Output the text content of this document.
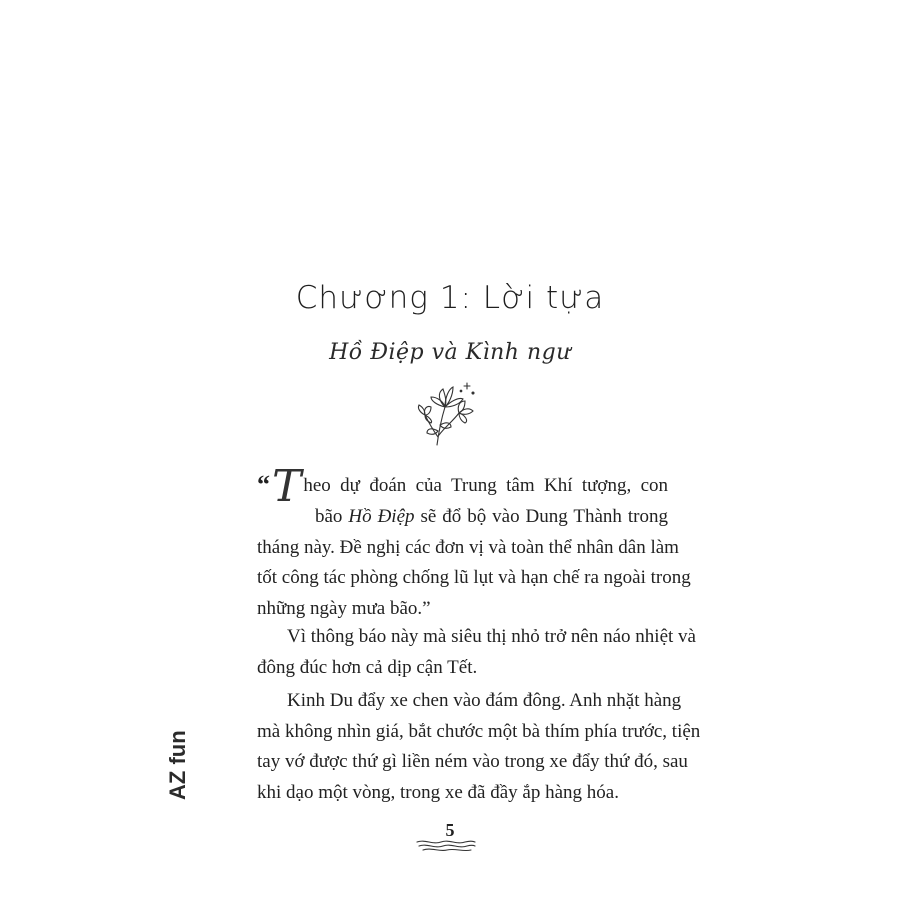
Chương 1: Lời tựa
Hồ Điệp và Kình ngư
“T heo dự đoán của Trung tâm Khí tượng, con
bão Hồ Điệp sẽ đổ bộ vào Dung Thành trong
tháng này. Đề nghị các đơn vị và toàn thể nhân dân làm
tốt công tác phòng chống lũ lụt và hạn chế ra ngoài trong
những ngày mưa bão.”
Vì thông báo này mà siêu thị nhỏ trở nên náo nhiệt và
đông đúc hơn cả dịp cận Tết.
Kinh Du đẩy xe chen vào đám đông. Anh nhặt hàng
mà không nhìn giá, bắt chước một bà thím phía trước, tiện
tay vớ được thứ gì liền ném vào trong xe đẩy thứ đó, sau
khi dạo một vòng, trong xe đã đầy ắp hàng hóa.
5
AZ fun
